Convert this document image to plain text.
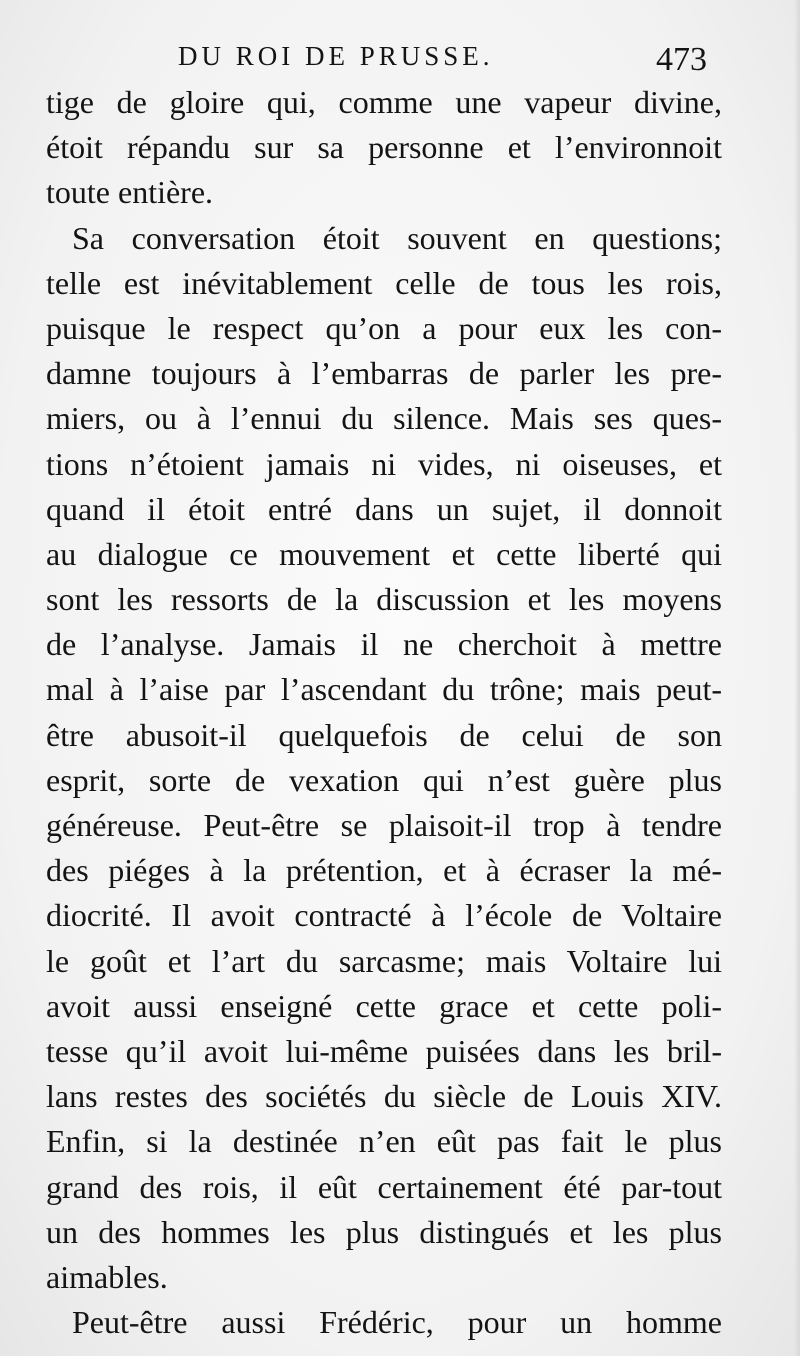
DU ROI DE PRUSSE.	473
tige de gloire qui, comme une vapeur divine,
étoit répandu sur sa personne et l’environnoit
toute entière.
Sa conversation étoit souvent en questions;
telle est inévitablement celle de tous les rois,
puisque le respect qu’on a pour eux les con-
damne toujours à l’embarras de parler les pre-
miers, ou à l’ennui du silence. Mais ses ques-
tions n’étoient jamais ni vides, ni oiseuses, et
quand il étoit entré dans un sujet, il donnoit
au dialogue ce mouvement et cette liberté qui
sont les ressorts de la discussion et les moyens
de l’analyse. Jamais il ne cherchoit à mettre
mal à l’aise par l’ascendant du trône; mais peut-
être abusoit-il quelquefois de celui de son
esprit, sorte de vexation qui n’est guère plus
généreuse. Peut-être se plaisoit-il trop à tendre
des piéges à la prétention, et à écraser la mé-
diocrité. Il avoit contracté à l’école de Voltaire
le goût et l’art du sarcasme; mais Voltaire lui
avoit aussi enseigné cette grace et cette poli-
tesse qu’il avoit lui-même puisées dans les bril-
lans restes des sociétés du siècle de Louis XIV.
Enfin, si la destinée n’en eût pas fait le plus
grand des rois, il eût certainement été par-tout
un des hommes les plus distingués et les plus
aimables.
Peut-être aussi Frédéric, pour un homme
